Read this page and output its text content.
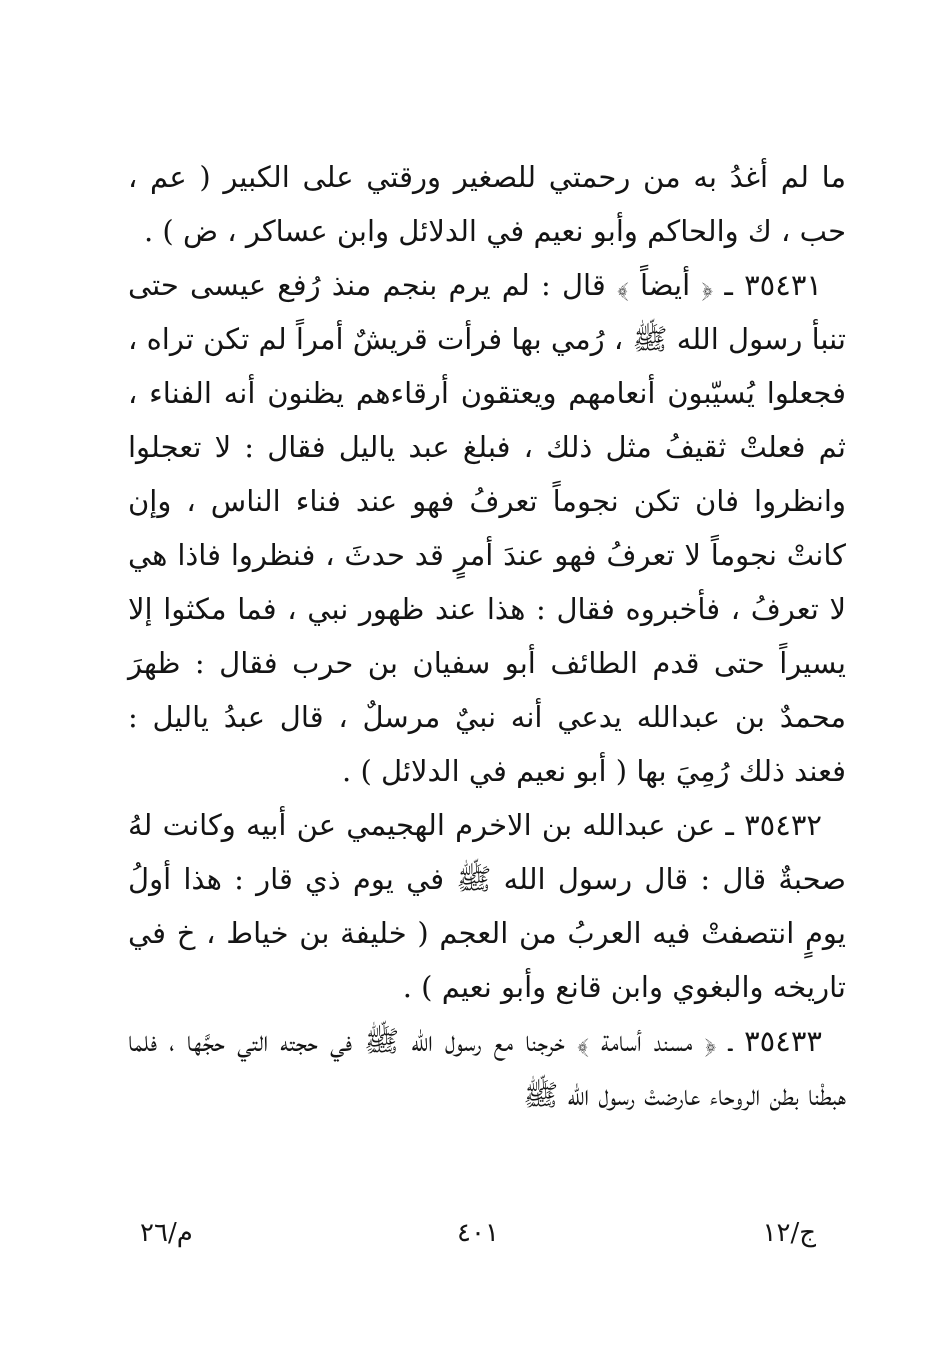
ما لم أغدُ به من رحمتي للصغير ورقتي على الكبير ( عم ، حب ، ك والحاكم وأبو نعيم في الدلائل وابن عساكر ، ض ) .

٣٥٤٣١ ـ ﴿ أيضاً ﴾ قال : لم يرم بنجم منذ رُفع عيسى حتى تنبأ رسول الله ﷺ ، رُمي بها فرأت قريشٌ أمراً لم تكن تراه ، فجعلوا يُسيّبون أنعامهم ويعتقون أرقاءهم يظنون أنه الفناء ، ثم فعلتْ ثقيفُ مثل ذلك ، فبلغ عبد ياليل فقال : لا تعجلوا وانظروا فان تكن نجوماً تعرفُ فهو عند فناء الناس ، وإن كانتْ نجوماً لا تعرفُ فهو عندَ أمرٍ قد حدثَ ، فنظروا فاذا هي لا تعرفُ ، فأخبروه فقال : هذا عند ظهور نبي ، فما مكثوا إلا يسيراً حتى قدم الطائف أبو سفيان بن حرب فقال : ظهرَ محمدٌ بن عبدالله يدعي أنه نبيٌ مرسلٌ ، قال عبدُ ياليل : فعند ذلك رُمِيَ بها ( أبو نعيم في الدلائل ) .

٣٥٤٣٢ ـ عن عبدالله بن الاخرم الهجيمي عن أبيه وكانت لهُ صحبةٌ قال : قال رسول الله ﷺ في يوم ذي قار : هذا أولُ يومٍ انتصفتْ فيه العربُ من العجم ( خليفة بن خياط ، خ في تاريخه والبغوي وابن قانع وأبو نعيم ) .

٣٥٤٣٣ ـ ﴿ مسند أسامة ﴾ خرجنا مع رسول الله ﷺ في حجته التي حجَّها ، فلما هبطْنا بطن الروحاء عارضتْ رسول الله ﷺ

ج/١٢
٤٠١
م/٢٦
